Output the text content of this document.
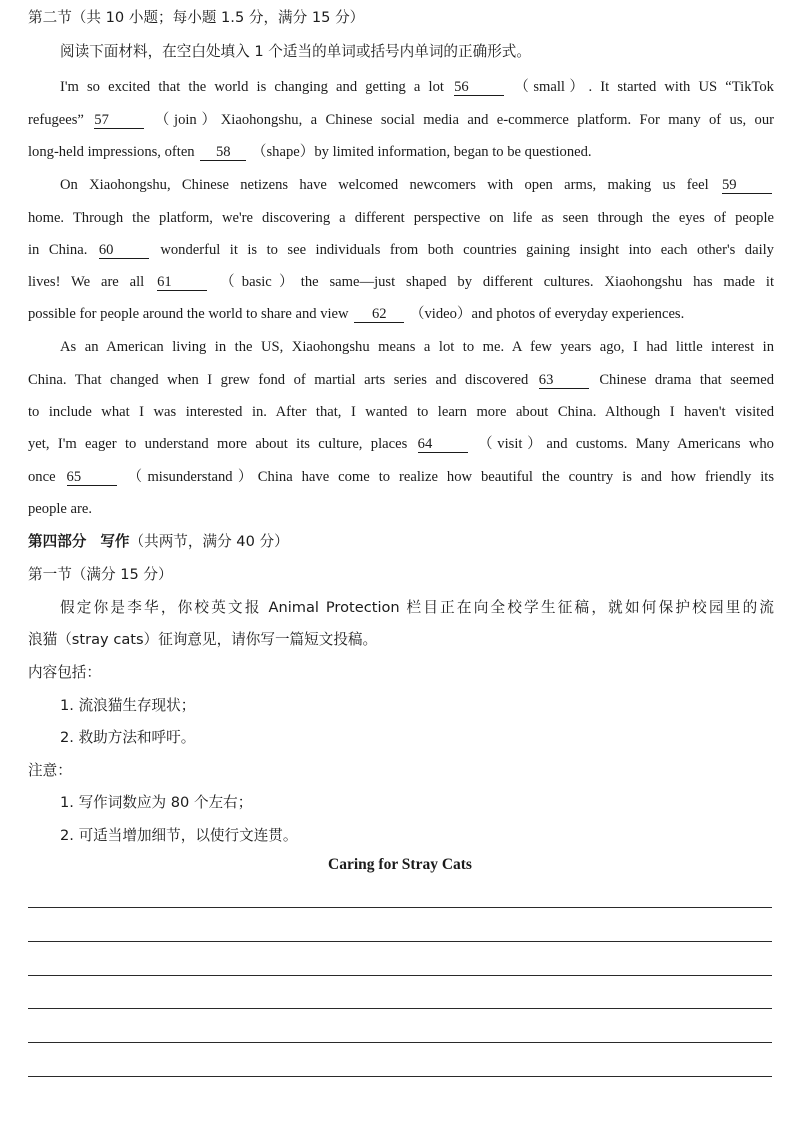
第二节（共 10 小题；每小题 1.5 分，满分 15 分）
阅读下面材料，在空白处填入 1 个适当的单词或括号内单词的正确形式。
I'm so excited that the world is changing and getting a lot 56	（small）. It started with US “TikTok
refugees” 57	（join）Xiaohongshu, a Chinese social media and e-commerce platform. For many of us, our
long-held impressions, often 58 （shape）by limited information, began to be questioned.
On Xiaohongshu, Chinese netizens have welcomed newcomers with open arms, making us feel 59
home. Through the platform, we're discovering a different perspective on life as seen through the eyes of people
in China. 60	wonderful it is to see individuals from both countries gaining insight into each other's daily
lives! We are all 61	（basic）the same—just shaped by different cultures. Xiaohongshu has made it
possible for people around the world to share and view 62 （video）and photos of everyday experiences.
As an American living in the US, Xiaohongshu means a lot to me. A few years ago, I had little interest in
China. That changed when I grew fond of martial arts series and discovered 63	Chinese drama that seemed
to include what I was interested in. After that, I wanted to learn more about China. Although I haven't visited
yet, I'm eager to understand more about its culture, places 64	（visit）and customs. Many Americans who
once 65	（misunderstand）China have come to realize how beautiful the country is and how friendly its
people are.
第四部分 写作（共两节，满分 40 分）
第一节（满分 15 分）
假定你是李华，你校英文报 Animal Protection 栏目正在向全校学生征稿，就如何保护校园里的流
浪猫（stray cats）征询意见，请你写一篇短文投稿。
内容包括：
1. 流浪猫生存现状；
2. 救助方法和呼吁。
注意：
1. 写作词数应为 80 个左右；
2. 可适当增加细节，以使行文连贯。
Caring for Stray Cats
